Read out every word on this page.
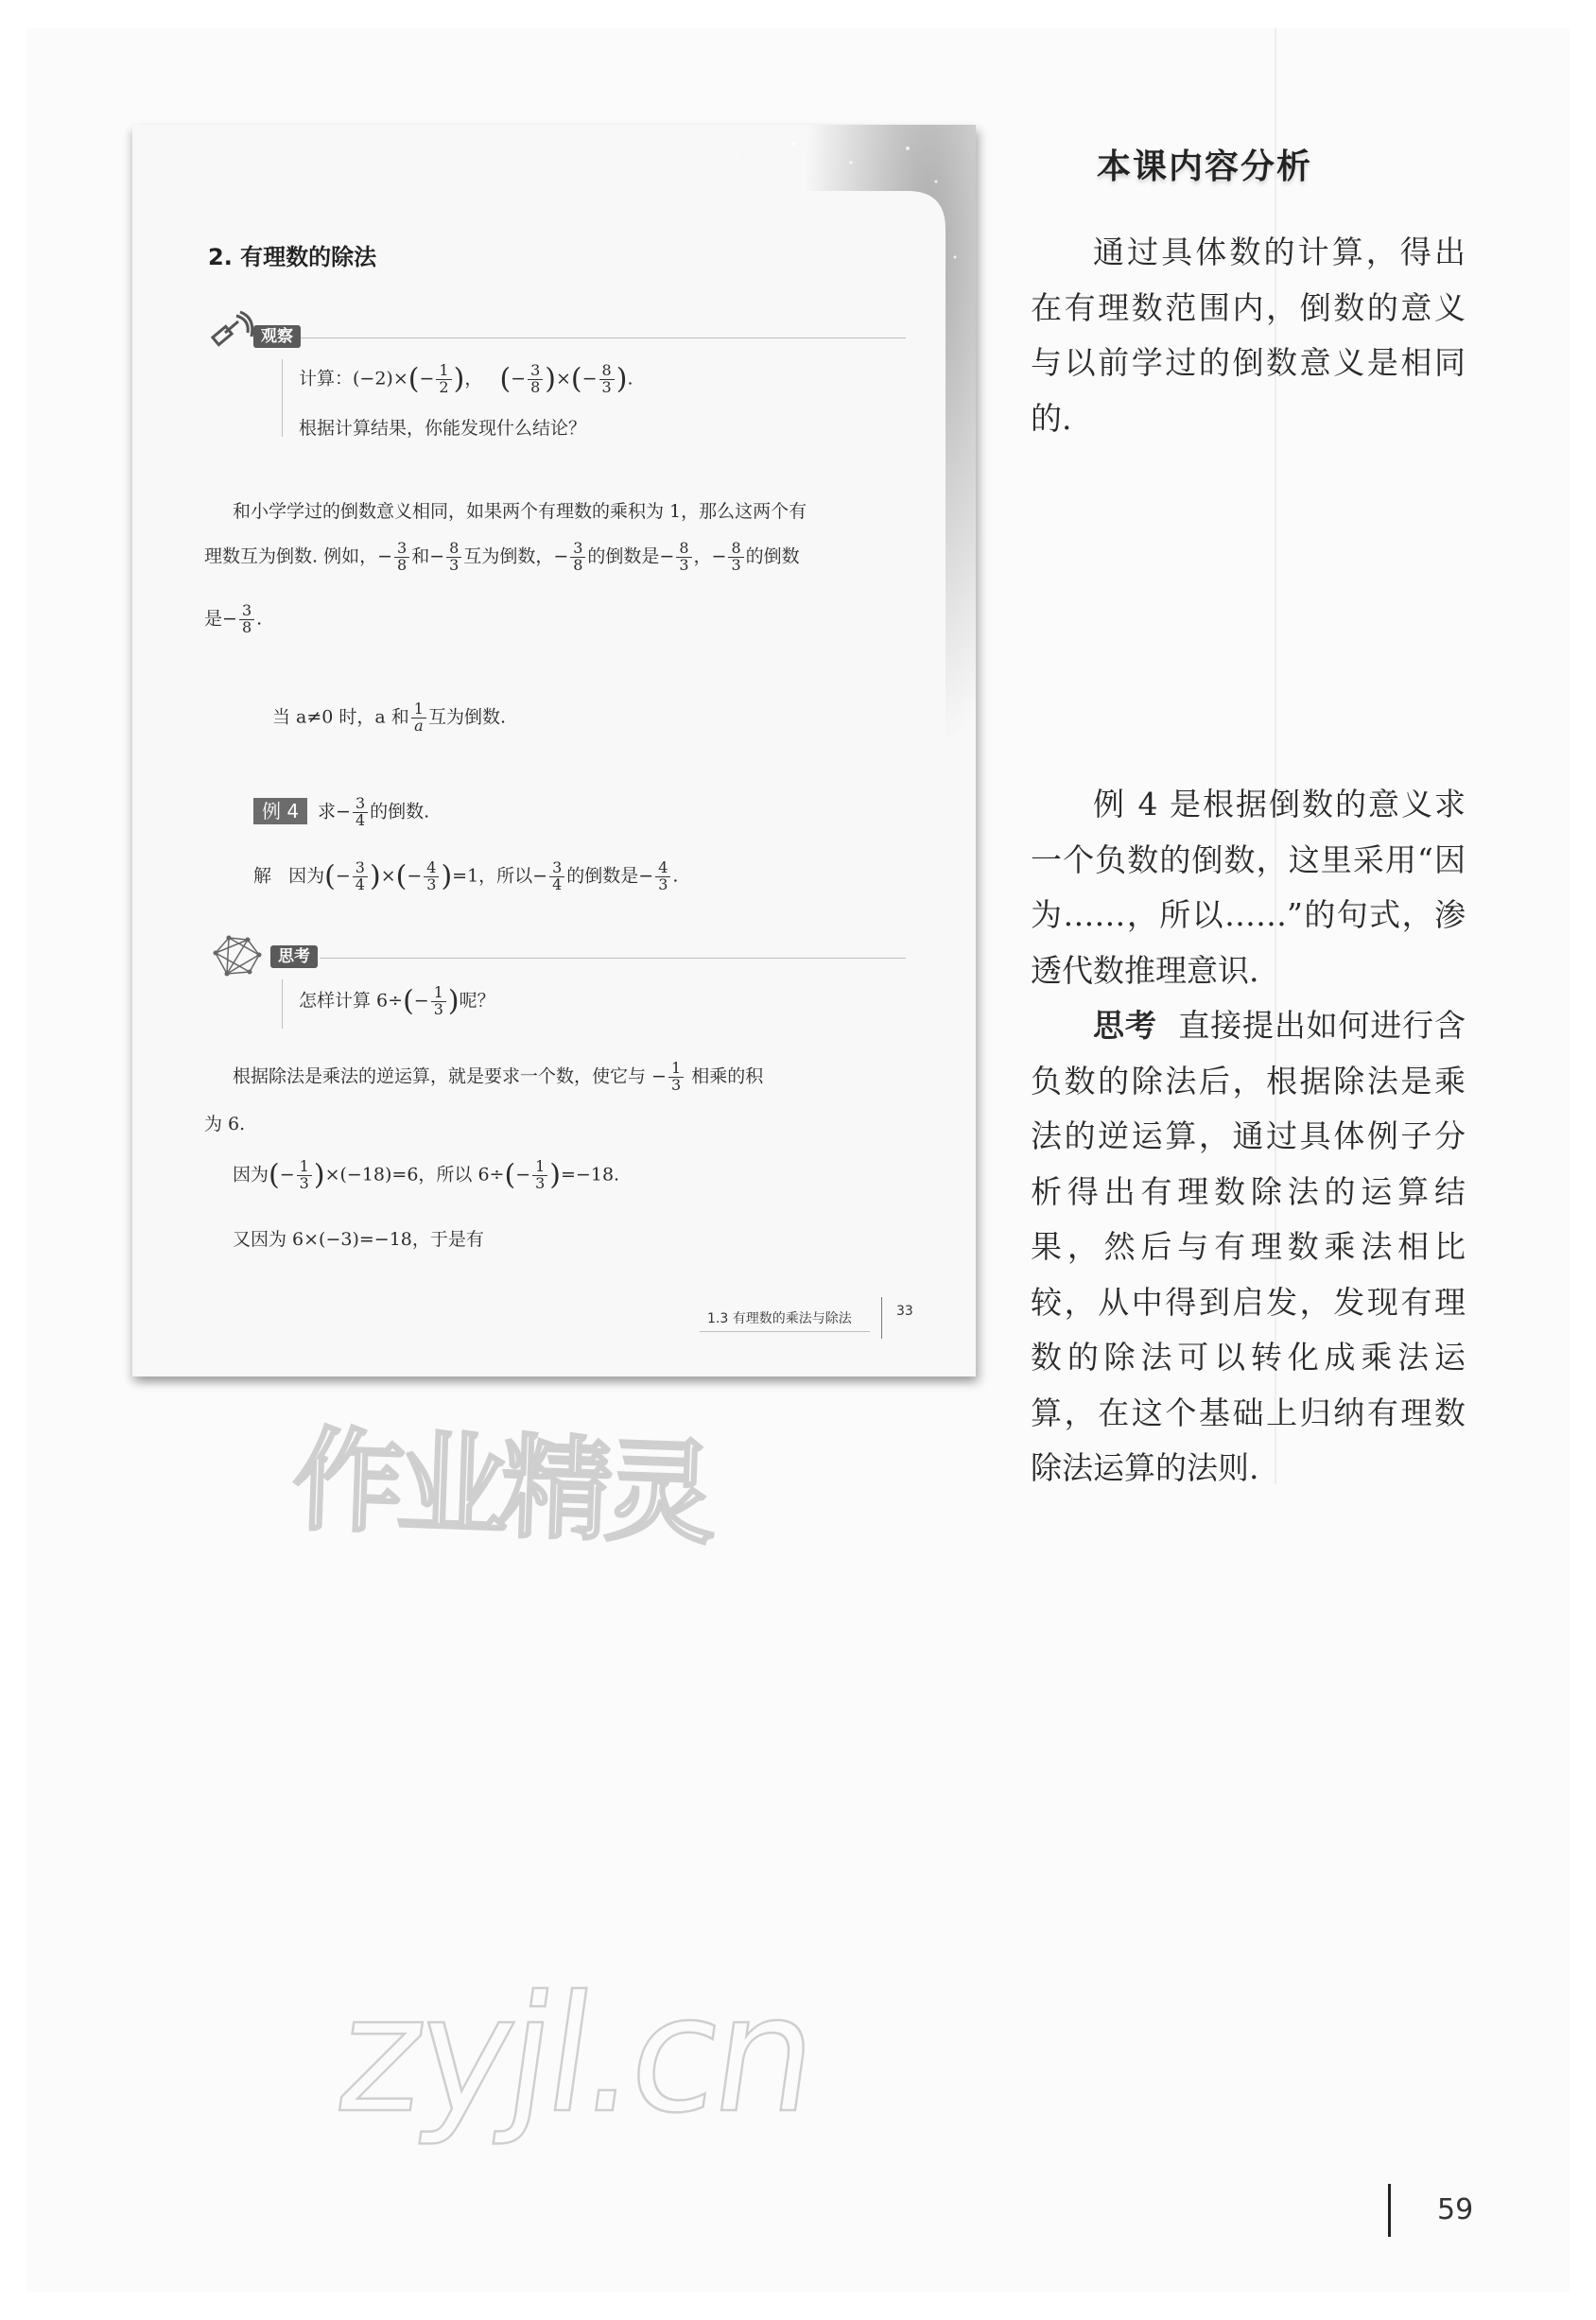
2. 有理数的除法
观察
计算：$(-2)\times(- \frac{1}{2}$ )，   (− $\frac{3}{8}$ )×(− $\frac{8}{3}$ ).
根据计算结果，你能发现什么结论？
和小学学过的倒数意义相同，如果两个有理数的乘积为 1，那么这两个有
理数互为倒数. 例如，− $\frac{3}{8}$ 和− $\frac{8}{3}$ 互为倒数，− $\frac{3}{8}$ 的倒数是− $\frac{8}{3}$ ，− $\frac{8}{3}$ 的倒数
是− $\frac{3}{8}$ .
当 a≠0 时，a 和 $\frac{1}{a}$ 互为倒数.
例 4	求− $\frac{3}{4}$ 的倒数.
解 因为(− $\frac{3}{4}$ )×(− $\frac{4}{3} )=1$，所以− $\frac{3}{4}$ 的倒数是− $\frac{4}{3}$ .
思考
怎样计算 $6\div(- \frac{1}{3}$ )呢？
根据除法是乘法的逆运算，就是要求一个数，使它与 − $\frac{1}{3}$ 相乘的积
为 6.
因为(− $\frac{1}{3} )\times(-18)=6$，所以 $6\div(- \frac{1}{3} )=-18$.
又因为 6×(−3)=−18，于是有
1.3 有理数的乘法与除法	33
本课内容分析

通过具体数的计算，得出在有理数范围内，倒数的意义与以前学过的倒数意义是相同的.

例 4 是根据倒数的意义求一个负数的倒数，这里采用“因为……，所以……”的句式，渗透代数推理意识.

思考 直接提出如何进行含负数的除法后，根据除法是乘法的逆运算，通过具体例子分析得出有理数除法的运算结果，然后与有理数乘法相比较，从中得到启发，发现有理数的除法可以转化成乘法运算，在这个基础上归纳有理数除法运算的法则.

作业精灵
zyjl.cn
59
